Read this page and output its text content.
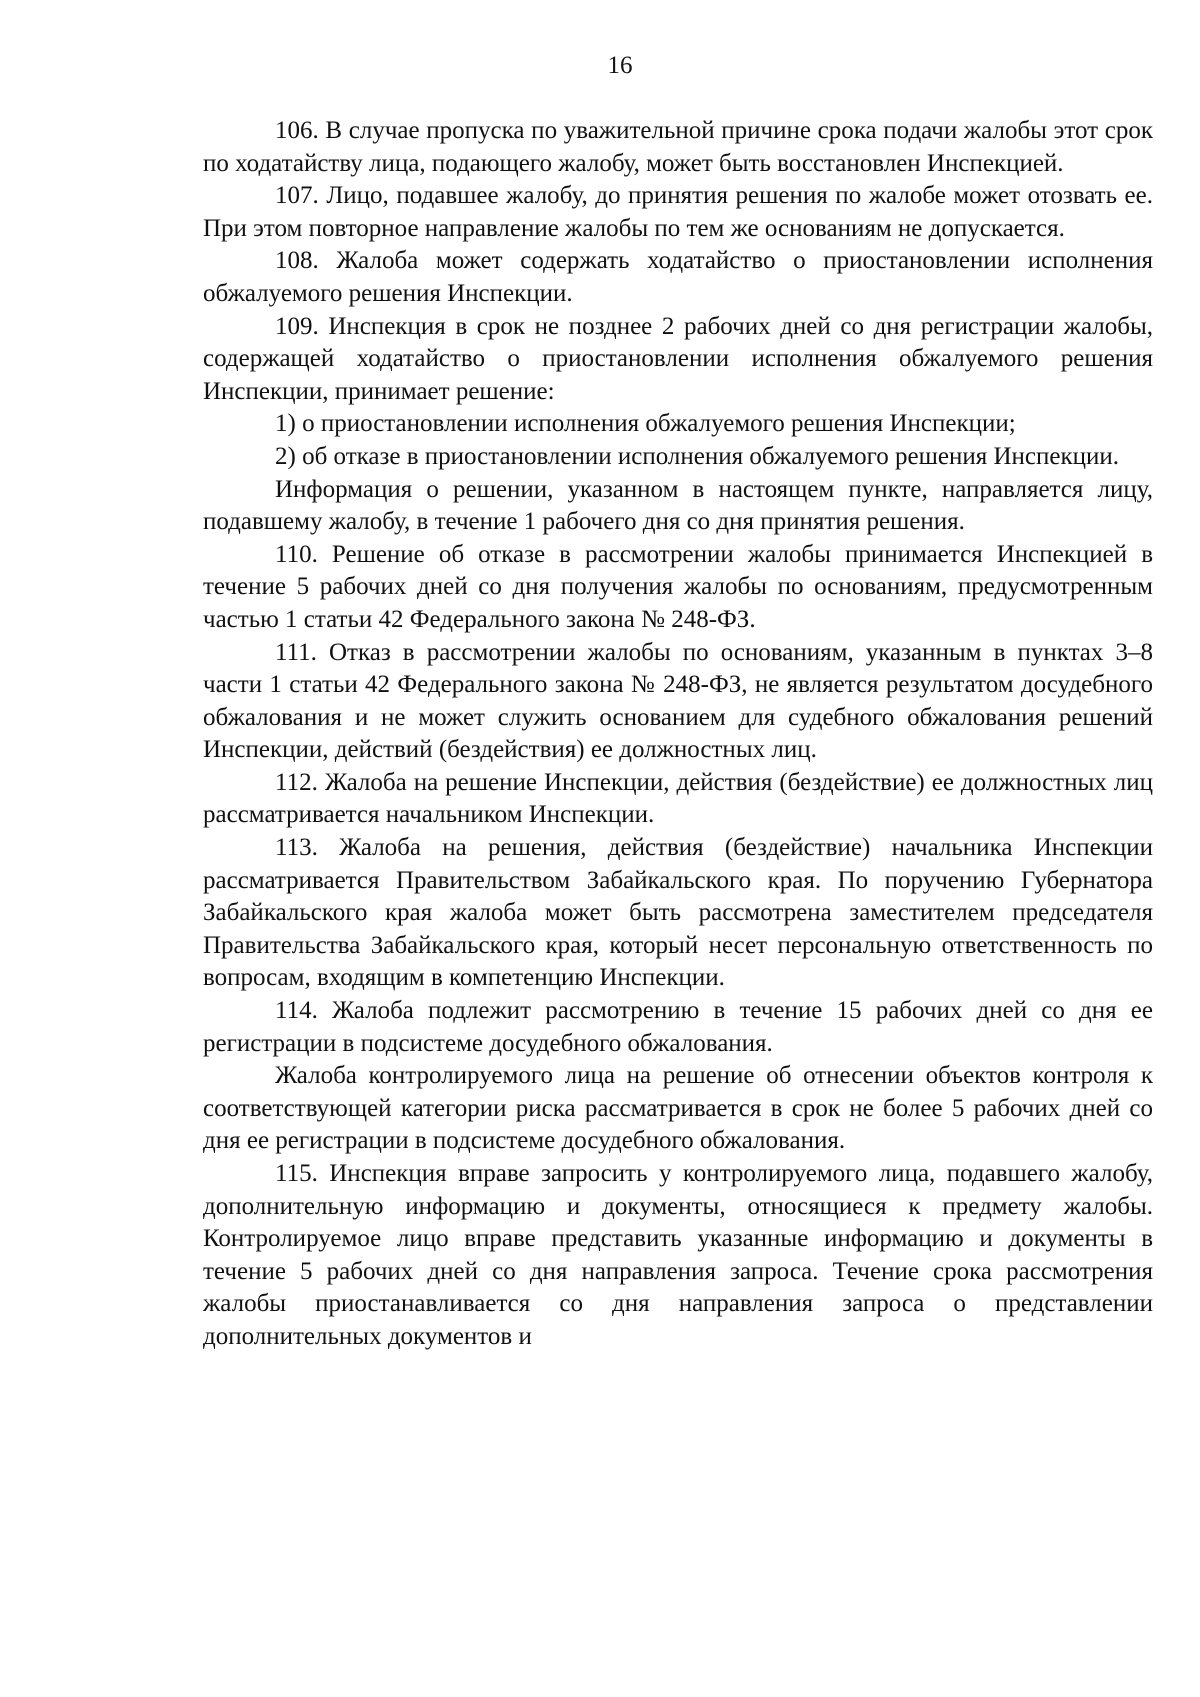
16

106. В случае пропуска по уважительной причине срока подачи жалобы этот срок по ходатайству лица, подающего жалобу, может быть восстановлен Инспекцией.

107. Лицо, подавшее жалобу, до принятия решения по жалобе может отозвать ее. При этом повторное направление жалобы по тем же основаниям не допускается.

108. Жалоба может содержать ходатайство о приостановлении исполнения обжалуемого решения Инспекции.

109. Инспекция в срок не позднее 2 рабочих дней со дня регистрации жалобы, содержащей ходатайство о приостановлении исполнения обжалуемого решения Инспекции, принимает решение:

1) о приостановлении исполнения обжалуемого решения Инспекции;

2) об отказе в приостановлении исполнения обжалуемого решения Инспекции.

Информация о решении, указанном в настоящем пункте, направляется лицу, подавшему жалобу, в течение 1 рабочего дня со дня принятия решения.

110. Решение об отказе в рассмотрении жалобы принимается Инспекцией в течение 5 рабочих дней со дня получения жалобы по основаниям, предусмотренным частью 1 статьи 42 Федерального закона № 248-ФЗ.

111. Отказ в рассмотрении жалобы по основаниям, указанным в пунктах 3–8 части 1 статьи 42 Федерального закона № 248-ФЗ, не является результатом досудебного обжалования и не может служить основанием для судебного обжалования решений Инспекции, действий (бездействия) ее должностных лиц.

112. Жалоба на решение Инспекции, действия (бездействие) ее должностных лиц рассматривается начальником Инспекции.

113. Жалоба на решения, действия (бездействие) начальника Инспекции рассматривается Правительством Забайкальского края. По поручению Губернатора Забайкальского края жалоба может быть рассмотрена заместителем председателя Правительства Забайкальского края, который несет персональную ответственность по вопросам, входящим в компетенцию Инспекции.

114. Жалоба подлежит рассмотрению в течение 15 рабочих дней со дня ее регистрации в подсистеме досудебного обжалования.

Жалоба контролируемого лица на решение об отнесении объектов контроля к соответствующей категории риска рассматривается в срок не более 5 рабочих дней со дня ее регистрации в подсистеме досудебного обжалования.

115. Инспекция вправе запросить у контролируемого лица, подавшего жалобу, дополнительную информацию и документы, относящиеся к предмету жалобы. Контролируемое лицо вправе представить указанные информацию и документы в течение 5 рабочих дней со дня направления запроса. Течение срока рассмотрения жалобы приостанавливается со дня направления запроса о представлении дополнительных документов и
